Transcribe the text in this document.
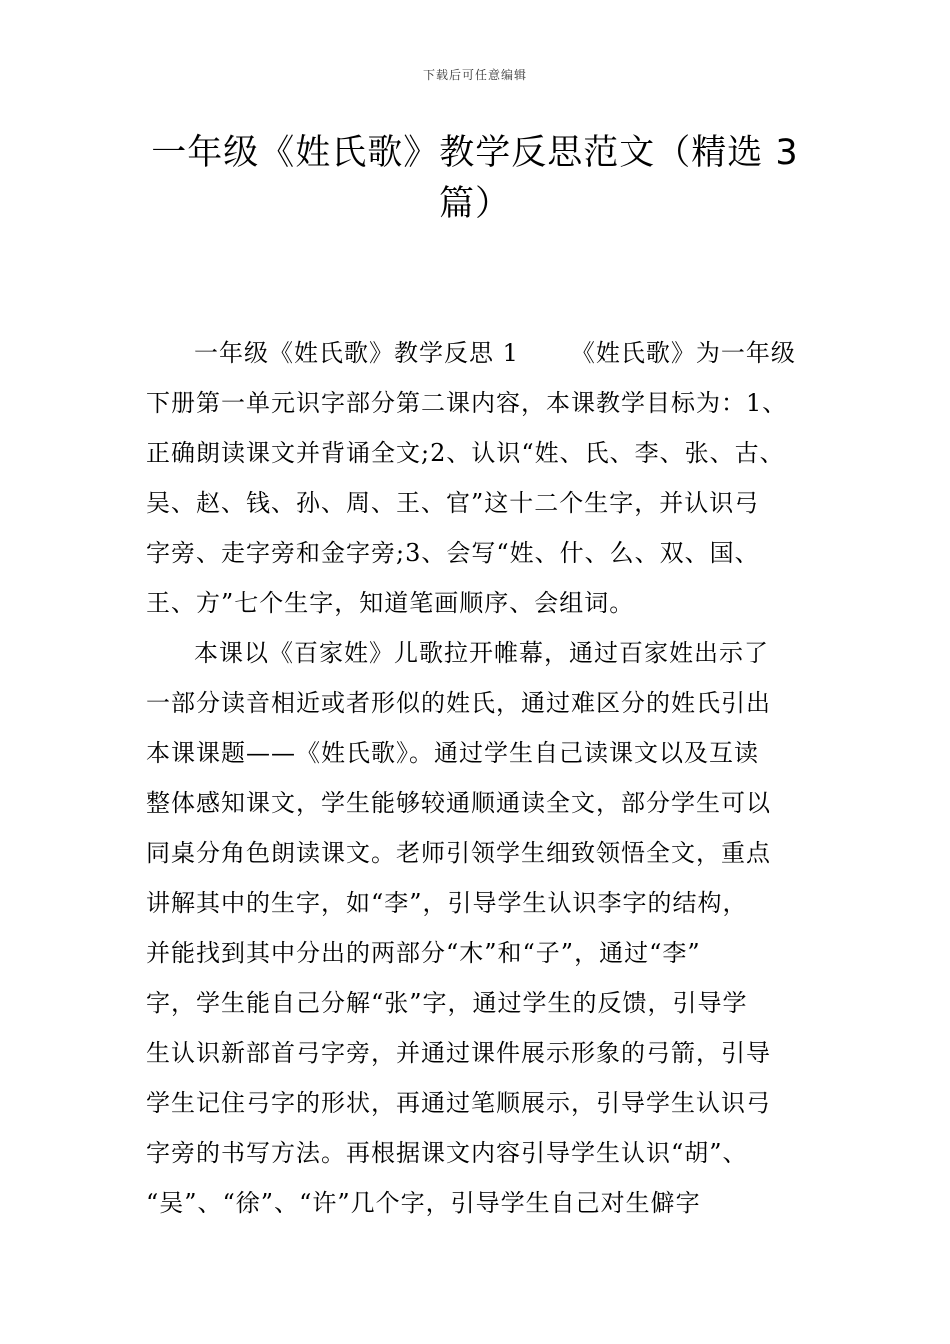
下载后可任意编辑
一年级《姓氏歌》教学反思范文（精选 3
篇）
一年级《姓氏歌》教学反思 1 《姓氏歌》为一年级
下册第一单元识字部分第二课内容，本课教学目标为：1、
正确朗读课文并背诵全文;2、认识“姓、氏、李、张、古、
吴、赵、钱、孙、周、王、官”这十二个生字，并认识弓
字旁、走字旁和金字旁;3、会写“姓、什、么、双、国、
王、方”七个生字，知道笔画顺序、会组词。
本课以《百家姓》儿歌拉开帷幕，通过百家姓出示了
一部分读音相近或者形似的姓氏，通过难区分的姓氏引出
本课课题——《姓氏歌》。通过学生自己读课文以及互读
整体感知课文，学生能够较通顺通读全文，部分学生可以
同桌分角色朗读课文。老师引领学生细致领悟全文，重点
讲解其中的生字，如“李”，引导学生认识李字的结构，
并能找到其中分出的两部分“木”和“子”，通过“李”
字，学生能自己分解“张”字，通过学生的反馈，引导学
生认识新部首弓字旁，并通过课件展示形象的弓箭，引导
学生记住弓字的形状，再通过笔顺展示，引导学生认识弓
字旁的书写方法。再根据课文内容引导学生认识“胡”、
“吴”、“徐”、“许”几个字，引导学生自己对生僻字
